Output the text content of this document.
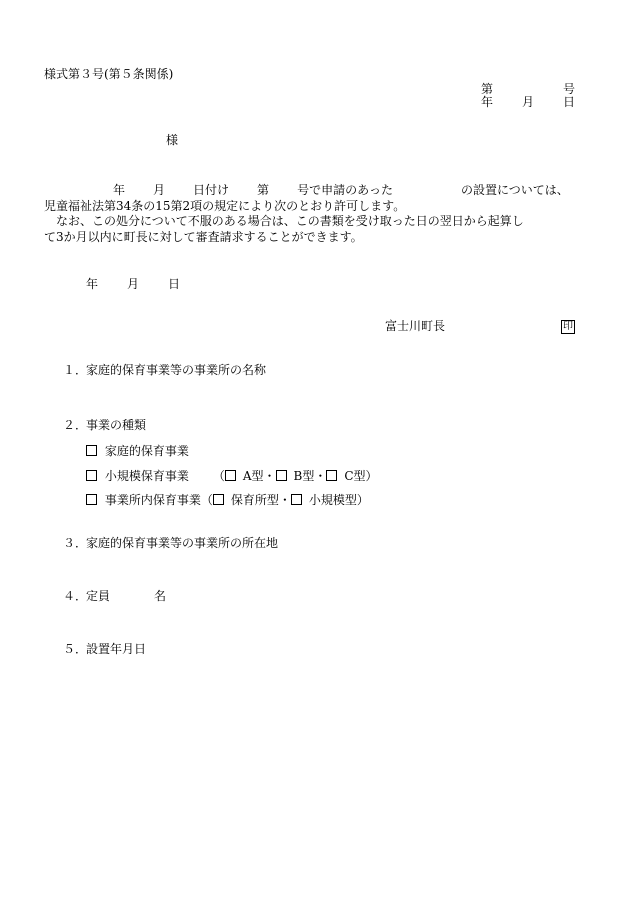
様式第３号(第５条関係)
第	号
年 月 日
様
年 月 日付け 第 号で申請のあった	の設置については、
児童福祉法第34条の15第2項の規定により次のとおり許可します。
なお、この処分について不服のある場合は、この書類を受け取った日の翌日から起算し
て3か月以内に町長に対して審査請求することができます。
年 月 日
富士川町長	印
１．
家庭的保育事業等の事業所の名称
２．
事業の種類
家庭的保育事業
小規模保育事業 （ A型・ B型・ C型）
事業所内保育事業（ 保育所型・ 小規模型）
３．
家庭的保育事業等の事業所の所在地
４．
定員	名
５．
設置年月日
